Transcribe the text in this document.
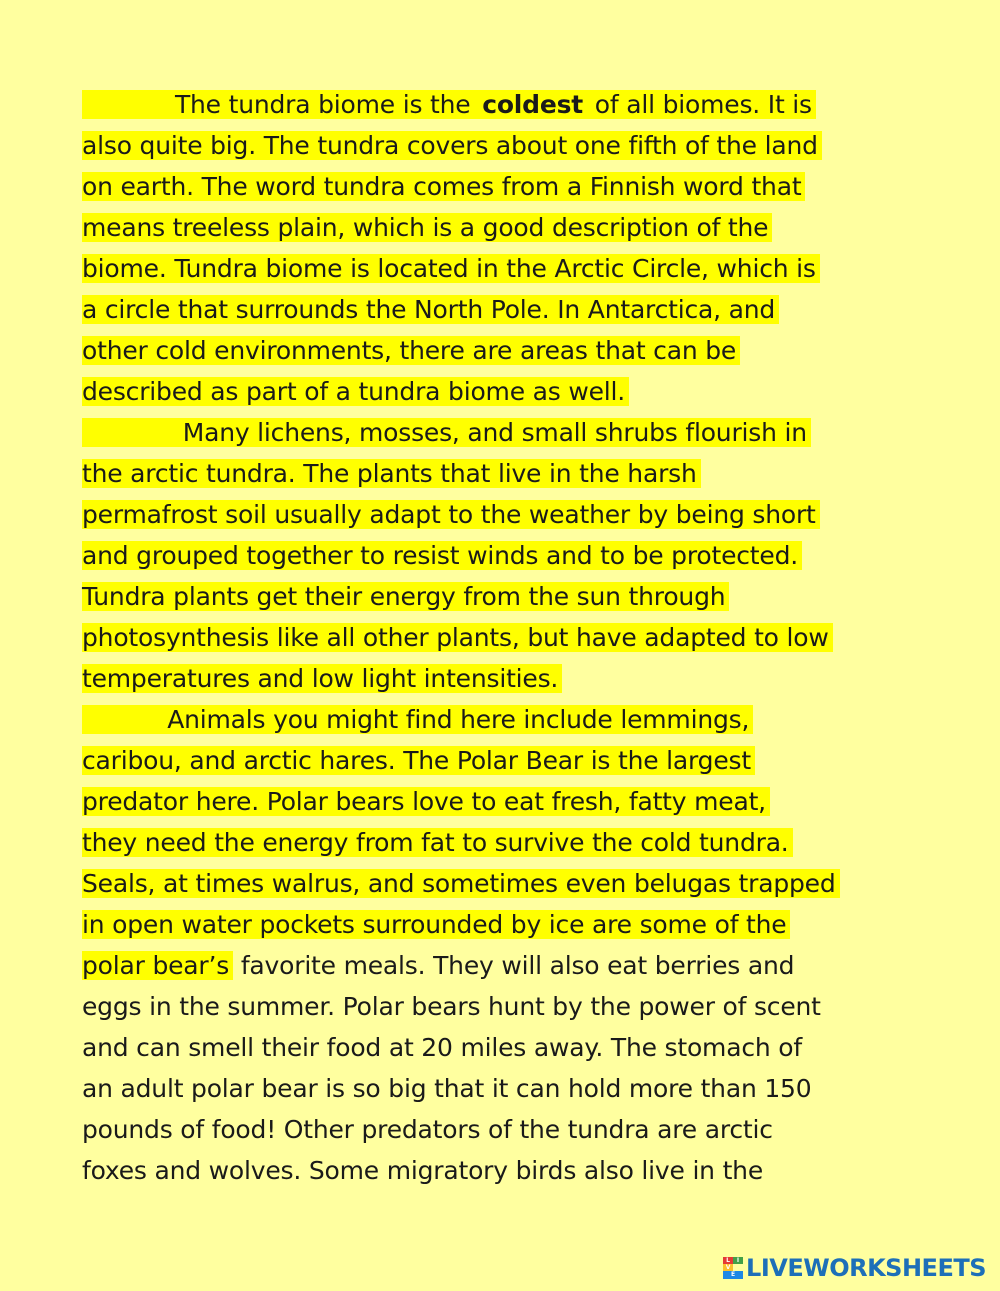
The tundra biome is the coldest of all biomes. It is
also quite big. The tundra covers about one fifth of the land
on earth. The word tundra comes from a Finnish word that
means treeless plain, which is a good description of the
biome. Tundra biome is located in the Arctic Circle, which is
a circle that surrounds the North Pole. In Antarctica, and
other cold environments, there are areas that can be
described as part of a tundra biome as well.
Many lichens, mosses, and small shrubs flourish in
the arctic tundra. The plants that live in the harsh
permafrost soil usually adapt to the weather by being short
and grouped together to resist winds and to be protected.
Tundra plants get their energy from the sun through
photosynthesis like all other plants, but have adapted to low
temperatures and low light intensities.
Animals you might find here include lemmings,
caribou, and arctic hares. The Polar Bear is the largest
predator here. Polar bears love to eat fresh, fatty meat,
they need the energy from fat to survive the cold tundra.
Seals, at times walrus, and sometimes even belugas trapped
in open water pockets surrounded by ice are some of the
polar bear’s favorite meals. They will also eat berries and
eggs in the summer. Polar bears hunt by the power of scent
and can smell their food at 20 miles away. The stomach of
an adult polar bear is so big that it can hold more than 150
pounds of food! Other predators of the tundra are arctic
foxes and wolves. Some migratory birds also live in the
L	I
V
E LIVEWORKSHEETS
